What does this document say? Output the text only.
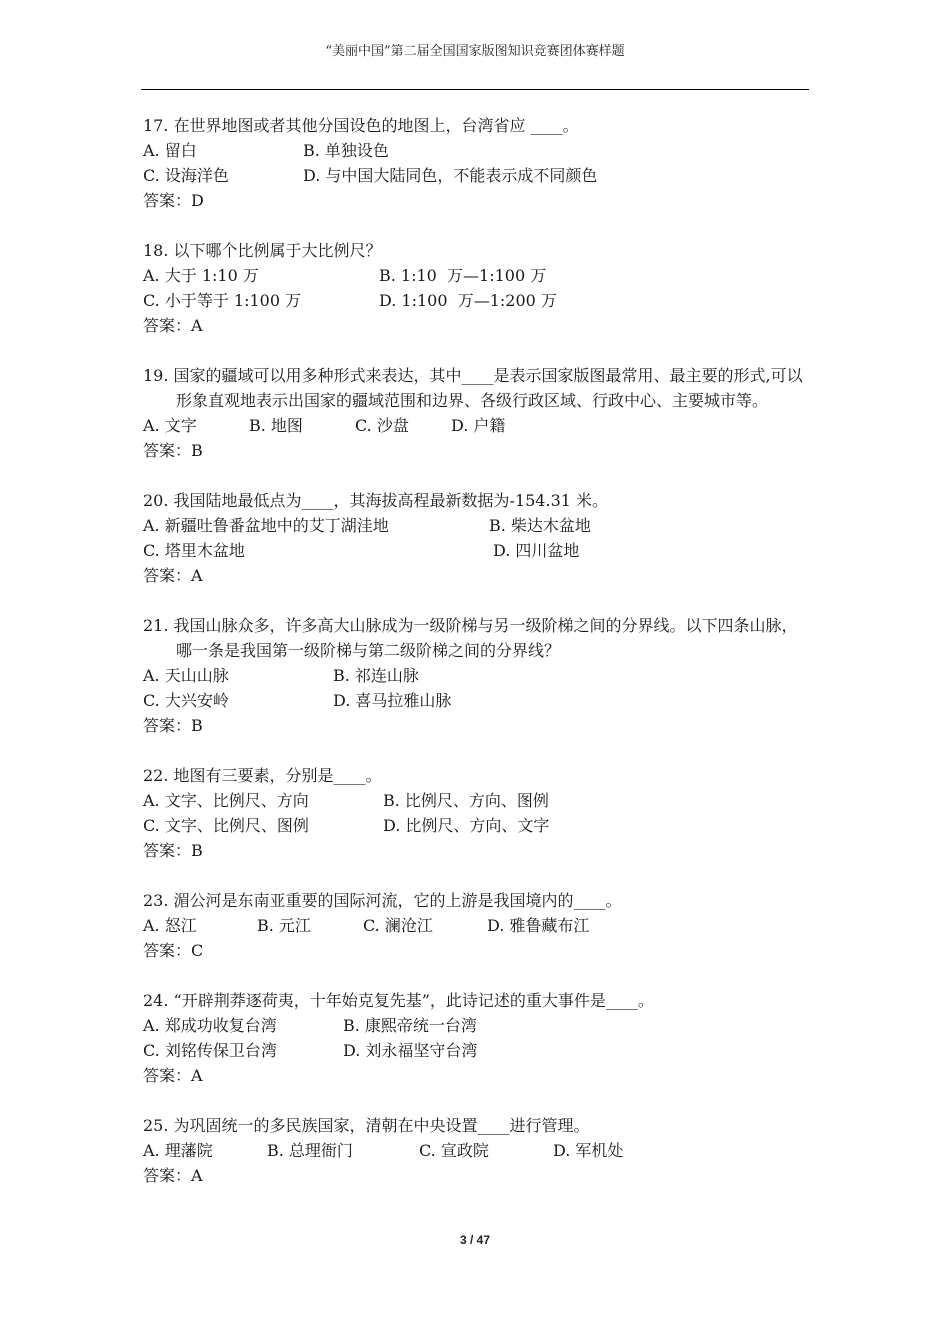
“美丽中国”第二届全国国家版图知识竞赛团体赛样题
17. 在世界地图或者其他分国设色的地图上，台湾省应 ____。
A. 留白	B. 单独设色
C. 设海洋色	D. 与中国大陆同色，不能表示成不同颜色
答案：D
18. 以下哪个比例属于大比例尺？
A. 大于 1:10 万	B. 1:10  万—1:100 万
C. 小于等于 1:100 万	D. 1:100  万—1:200 万
答案：A
19. 国家的疆域可以用多种形式来表达，其中____是表示国家版图最常用、最主要的形式,可以形象直观地表示出国家的疆域范围和边界、各级行政区域、行政中心、主要城市等。
A. 文字	B. 地图	C. 沙盘	D. 户籍
答案：B
20. 我国陆地最低点为____，其海拔高程最新数据为-154.31 米。
A. 新疆吐鲁番盆地中的艾丁湖洼地	B. 柴达木盆地
C. 塔里木盆地	D. 四川盆地
答案：A
21. 我国山脉众多，许多高大山脉成为一级阶梯与另一级阶梯之间的分界线。以下四条山脉，哪一条是我国第一级阶梯与第二级阶梯之间的分界线？
A. 天山山脉	B. 祁连山脉
C. 大兴安岭	D. 喜马拉雅山脉
答案：B
22. 地图有三要素，分别是____。
A. 文字、比例尺、方向	B. 比例尺、方向、图例
C. 文字、比例尺、图例	D. 比例尺、方向、文字
答案：B
23. 湄公河是东南亚重要的国际河流，它的上游是我国境内的____。
A. 怒江	B. 元江	C. 澜沧江	D. 雅鲁藏布江
答案：C
24. “开辟荆莽逐荷夷，十年始克复先基”，此诗记述的重大事件是____。
A. 郑成功收复台湾	B. 康熙帝统一台湾
C. 刘铭传保卫台湾	D. 刘永福坚守台湾
答案：A
25. 为巩固统一的多民族国家，清朝在中央设置____进行管理。
A. 理藩院	B. 总理衙门	C. 宣政院	D. 军机处
答案：A
3 / 47
